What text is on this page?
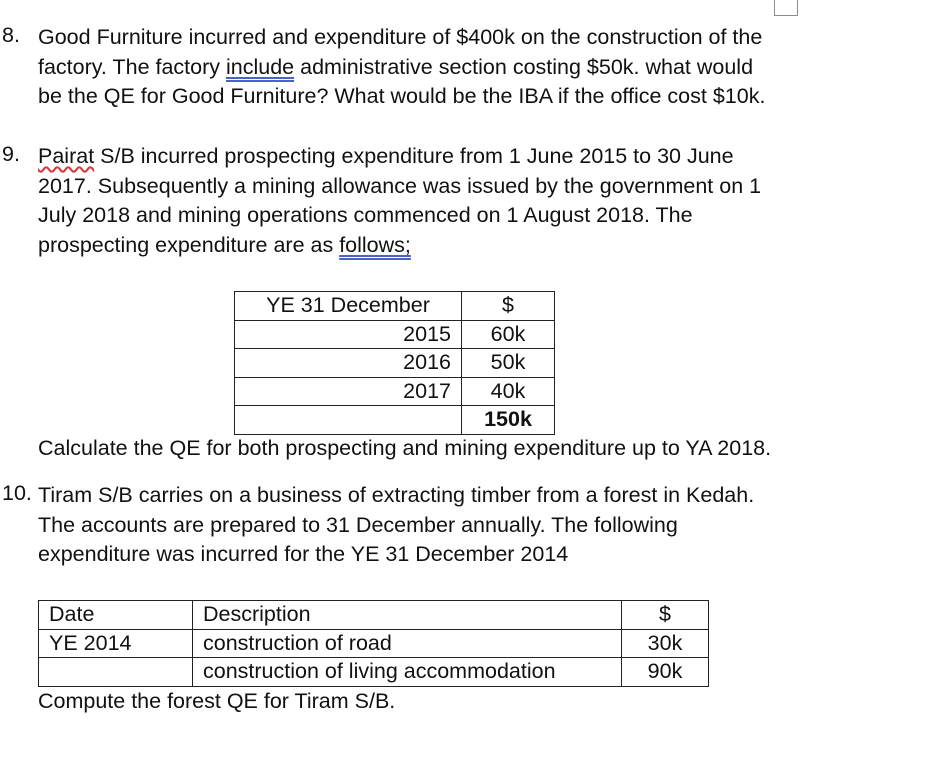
8. Good Furniture incurred and expenditure of $400k on the construction of the
factory. The factory include administrative section costing $50k. what would
be the QE for Good Furniture? What would be the IBA if the office cost $10k.
9. Pairat S/B incurred prospecting expenditure from 1 June 2015 to 30 June
2017. Subsequently a mining allowance was issued by the government on 1
July 2018 and mining operations commenced on 1 August 2018. The
prospecting expenditure are as follows;
YE 31 December	$
2015	60k
2016	50k
2017	40k
	150k
Calculate the QE for both prospecting and mining expenditure up to YA 2018.
10. Tiram S/B carries on a business of extracting timber from a forest in Kedah.
The accounts are prepared to 31 December annually. The following
expenditure was incurred for the YE 31 December 2014
Date	Description	$
YE 2014	construction of road	30k
	construction of living accommodation	90k
Compute the forest QE for Tiram S/B.
